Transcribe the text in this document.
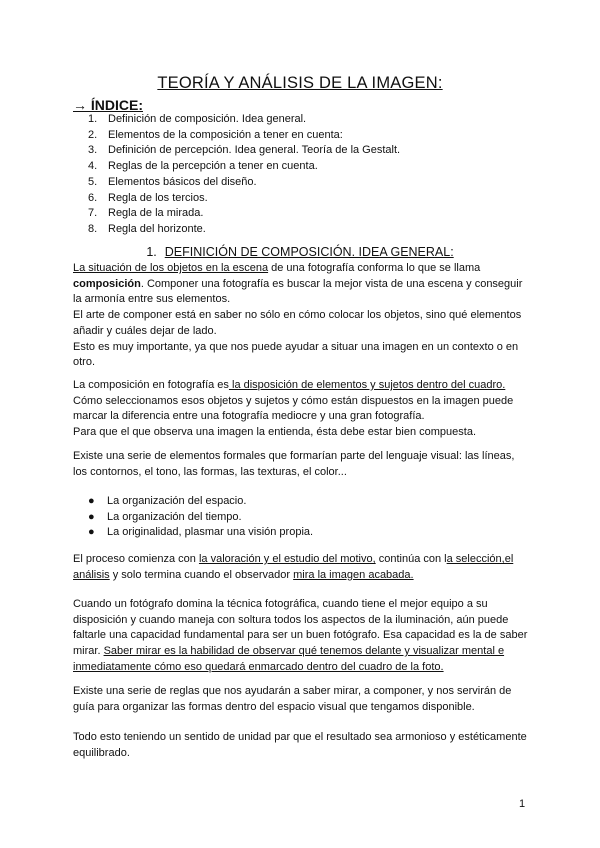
TEORÍA Y ANÁLISIS DE LA IMAGEN:
→ ÍNDICE:
1. Definición de composición. Idea general.
2. Elementos de la composición a tener en cuenta:
3. Definición de percepción. Idea general. Teoría de la Gestalt.
4. Reglas de la percepción a tener en cuenta.
5. Elementos básicos del diseño.
6. Regla de los tercios.
7. Regla de la mirada.
8. Regla del horizonte.
1. DEFINICIÓN DE COMPOSICIÓN. IDEA GENERAL:

La situación de los objetos en la escena de una fotografía conforma lo que se llama composición. Componer una fotografía es buscar la mejor vista de una escena y conseguir la armonía entre sus elementos.

El arte de componer está en saber no sólo en cómo colocar los objetos, sino qué elementos añadir y cuáles dejar de lado.

Esto es muy importante, ya que nos puede ayudar a situar una imagen en un contexto o en otro.

La composición en fotografía es la disposición de elementos y sujetos dentro del cuadro.

Cómo seleccionamos esos objetos y sujetos y cómo están dispuestos en la imagen puede marcar la diferencia entre una fotografía mediocre y una gran fotografía.

Para que el que observa una imagen la entienda, ésta debe estar bien compuesta.

Existe una serie de elementos formales que formarían parte del lenguaje visual: las líneas, los contornos, el tono, las formas, las texturas, el color...

● La organización del espacio.
● La organización del tiempo.
● La originalidad, plasmar una visión propia.

El proceso comienza con la valoración y el estudio del motivo, continúa con la selección,el análisis y solo termina cuando el observador mira la imagen acabada.

Cuando un fotógrafo domina la técnica fotográfica, cuando tiene el mejor equipo a su disposición y cuando maneja con soltura todos los aspectos de la iluminación, aún puede faltarle una capacidad fundamental para ser un buen fotógrafo. Esa capacidad es la de saber mirar. Saber mirar es la habilidad de observar qué tenemos delante y visualizar mental e inmediatamente cómo eso quedará enmarcado dentro del cuadro de la foto.

Existe una serie de reglas que nos ayudarán a saber mirar, a componer, y nos servirán de guía para organizar las formas dentro del espacio visual que tengamos disponible.

Todo esto teniendo un sentido de unidad par que el resultado sea armonioso y estéticamente equilibrado.

1
